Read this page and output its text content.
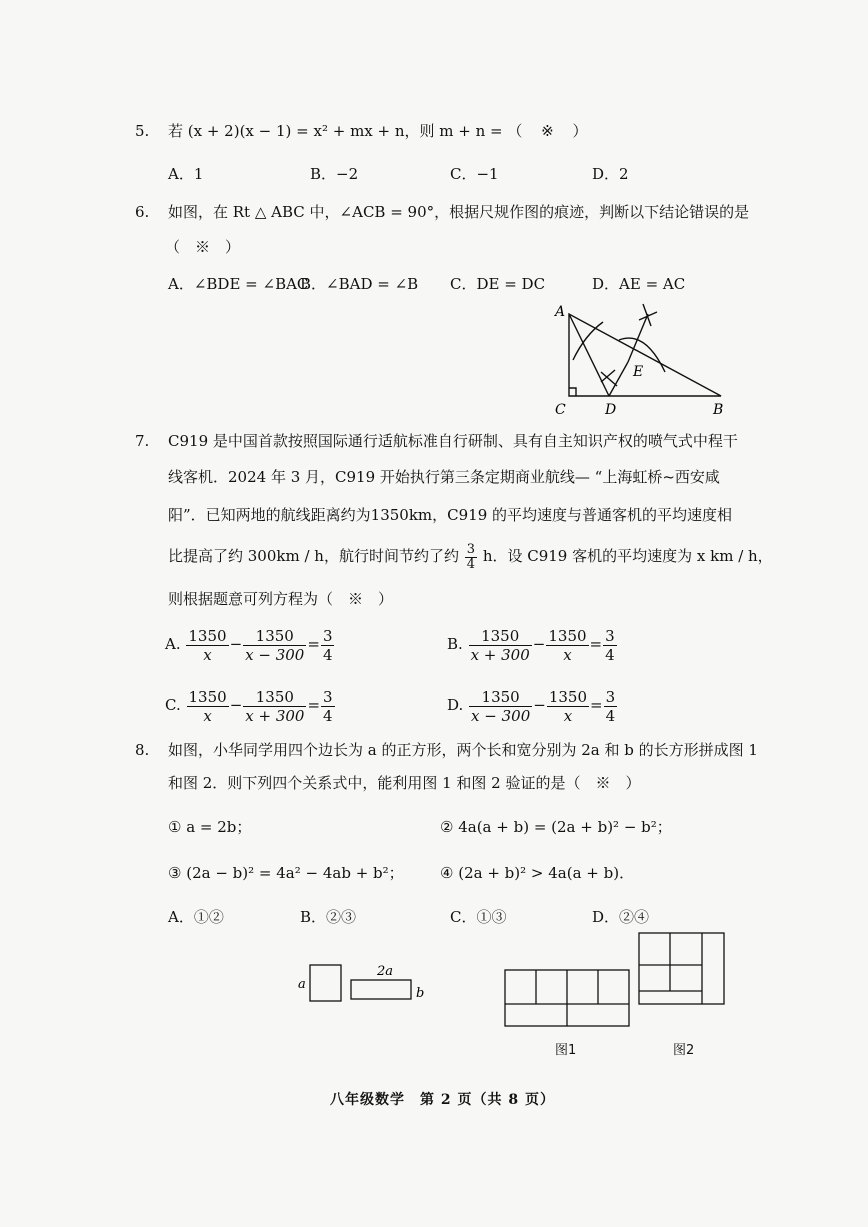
5. 若 (x + 2)(x − 1) = x² + mx + n，则 m + n = （ ※ ）
A．1	B．−2	C．−1	D．2
6. 如图，在 Rt △ ABC 中，∠ACB = 90°，根据尺规作图的痕迹，判断以下结论错误的是
（　※　）
A．∠BDE = ∠BAC
B．∠BAD = ∠B C．DE = DC	D．AE = AC
A
C	D	B
E
7. C919 是中国首款按照国际通行适航标准自行研制、具有自主知识产权的喷气式中程干
线客机．2024 年 3 月，C919 开始执行第三条定期商业航线— “上海虹桥~西安咸
阳”．已知两地的航线距离约为1350km，C919 的平均速度与普通客机的平均速度相
比提高了约 300km / h，航行时间节约了约 $\frac{3}{4}$ h．设 C919 客机的平均速度为 x km / h，
则根据题意可列方程为（　※　）
A. $\frac{1350}{x} - \frac{1350}{x - 300} = \frac{3}{4}$	B. $\frac{1350}{x + 300} - \frac{1350}{x} = \frac{3}{4}$
C. $\frac{1350}{x} - \frac{1350}{x + 300} = \frac{3}{4}$	D. $\frac{1350}{x - 300} - \frac{1350}{x} = \frac{3}{4}$
8. 如图，小华同学用四个边长为 a 的正方形，两个长和宽分别为 2a 和 b 的长方形拼成图 1
和图 2．则下列四个关系式中，能利用图 1 和图 2 验证的是（　※　）
① a = 2b；	② 4a(a + b) = (2a + b)² − b²；
③ (2a − b)² = 4a² − 4ab + b²； ④ (2a + b)² > 4a(a + b)．
A．①②	B．②③	C．①③	D．②④
a
2a
b
图1	图2
八年级数学　第 2 页（共 8 页）
